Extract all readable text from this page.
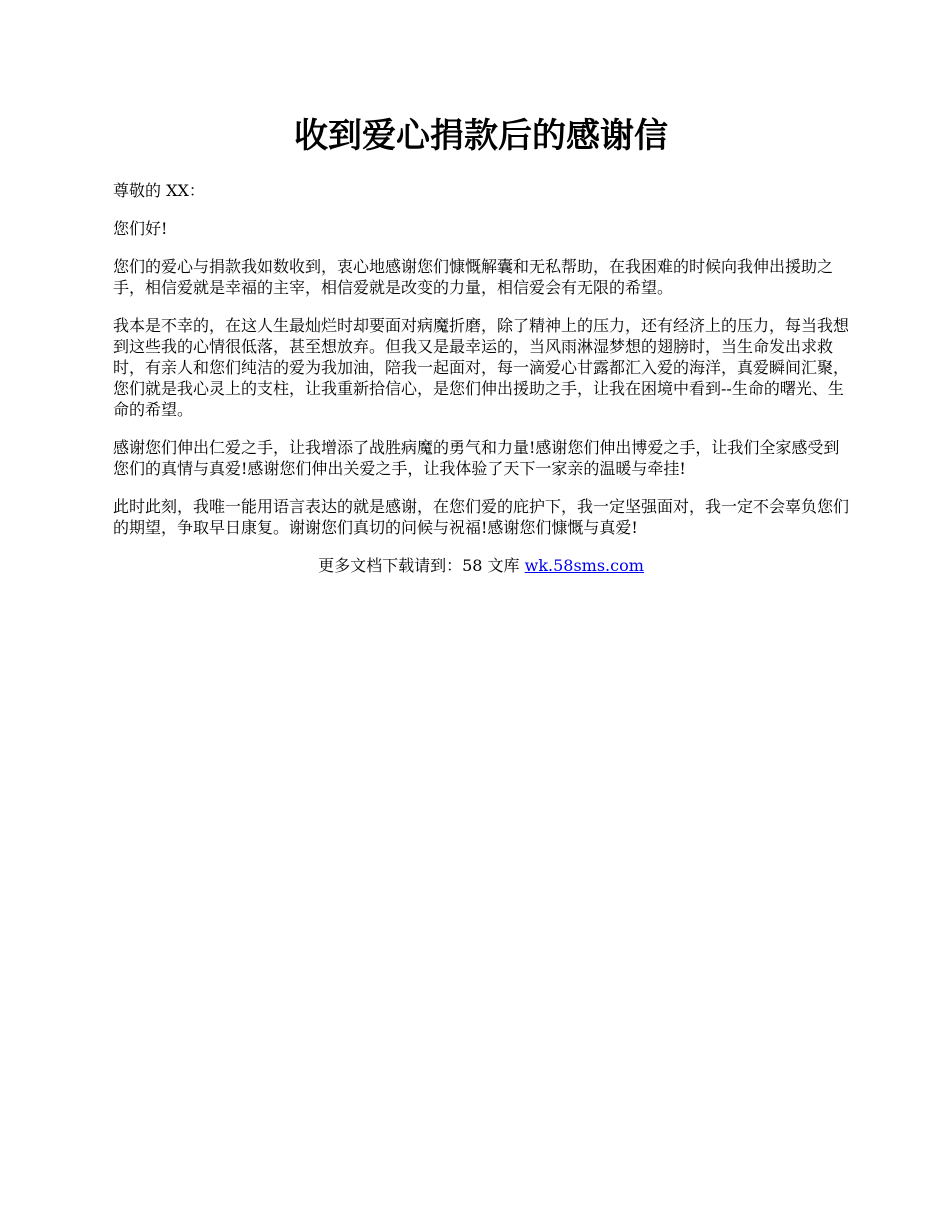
收到爱心捐款后的感谢信

尊敬的 XX：

您们好!

您们的爱心与捐款我如数收到，衷心地感谢您们慷慨解囊和无私帮助，在我困难的时候向我伸出援助之手，相信爱就是幸福的主宰，相信爱就是改变的力量，相信爱会有无限的希望。

我本是不幸的，在这人生最灿烂时却要面对病魔折磨，除了精神上的压力，还有经济上的压力，每当我想到这些我的心情很低落，甚至想放弃。但我又是最幸运的，当风雨淋湿梦想的翅膀时，当生命发出求救时，有亲人和您们纯洁的爱为我加油，陪我一起面对，每一滴爱心甘露都汇入爱的海洋，真爱瞬间汇聚，您们就是我心灵上的支柱，让我重新拾信心，是您们伸出援助之手，让我在困境中看到--生命的曙光、生命的希望。

感谢您们伸出仁爱之手，让我增添了战胜病魔的勇气和力量!感谢您们伸出博爱之手，让我们全家感受到您们的真情与真爱!感谢您们伸出关爱之手，让我体验了天下一家亲的温暖与牵挂!

此时此刻，我唯一能用语言表达的就是感谢，在您们爱的庇护下，我一定坚强面对，我一定不会辜负您们的期望，争取早日康复。谢谢您们真切的问候与祝福!感谢您们慷慨与真爱!

更多文档下载请到：58 文库 wk.58sms.com
